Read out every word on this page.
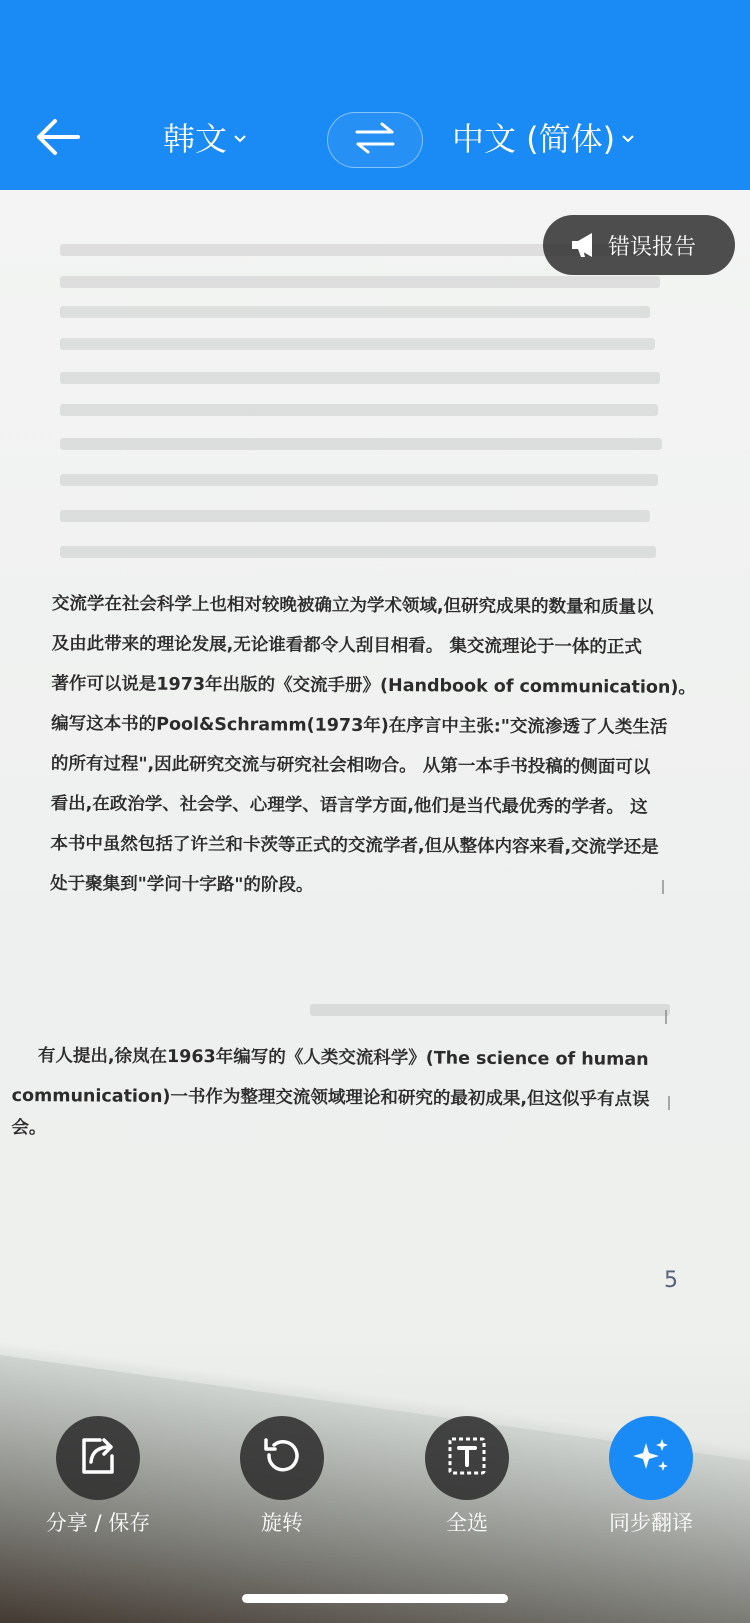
韩文	中文 (简体)
交流学在社会科学上也相对较晚被确立为学术领域,但研究成果的数量和质量以
及由此带来的理论发展,无论谁看都令人刮目相看。 集交流理论于一体的正式
著作可以说是1973年出版的《交流手册》(Handbook of communication)。
编写这本书的Pool&Schramm(1973年)在序言中主张:"交流渗透了人类生活
的所有过程",因此研究交流与研究社会相吻合。 从第一本手书投稿的侧面可以
看出,在政治学、社会学、心理学、语言学方面,他们是当代最优秀的学者。 这
本书中虽然包括了许兰和卡茨等正式的交流学者,但从整体内容来看,交流学还是
处于聚集到"学问十字路"的阶段。
有人提出,徐岚在1963年编写的《人类交流科学》(The science of human
communication)一书作为整理交流领域理论和研究的最初成果,但这似乎有点误
会。
5
错误报告
分享 / 保存	旋转	全选	同步翻译
